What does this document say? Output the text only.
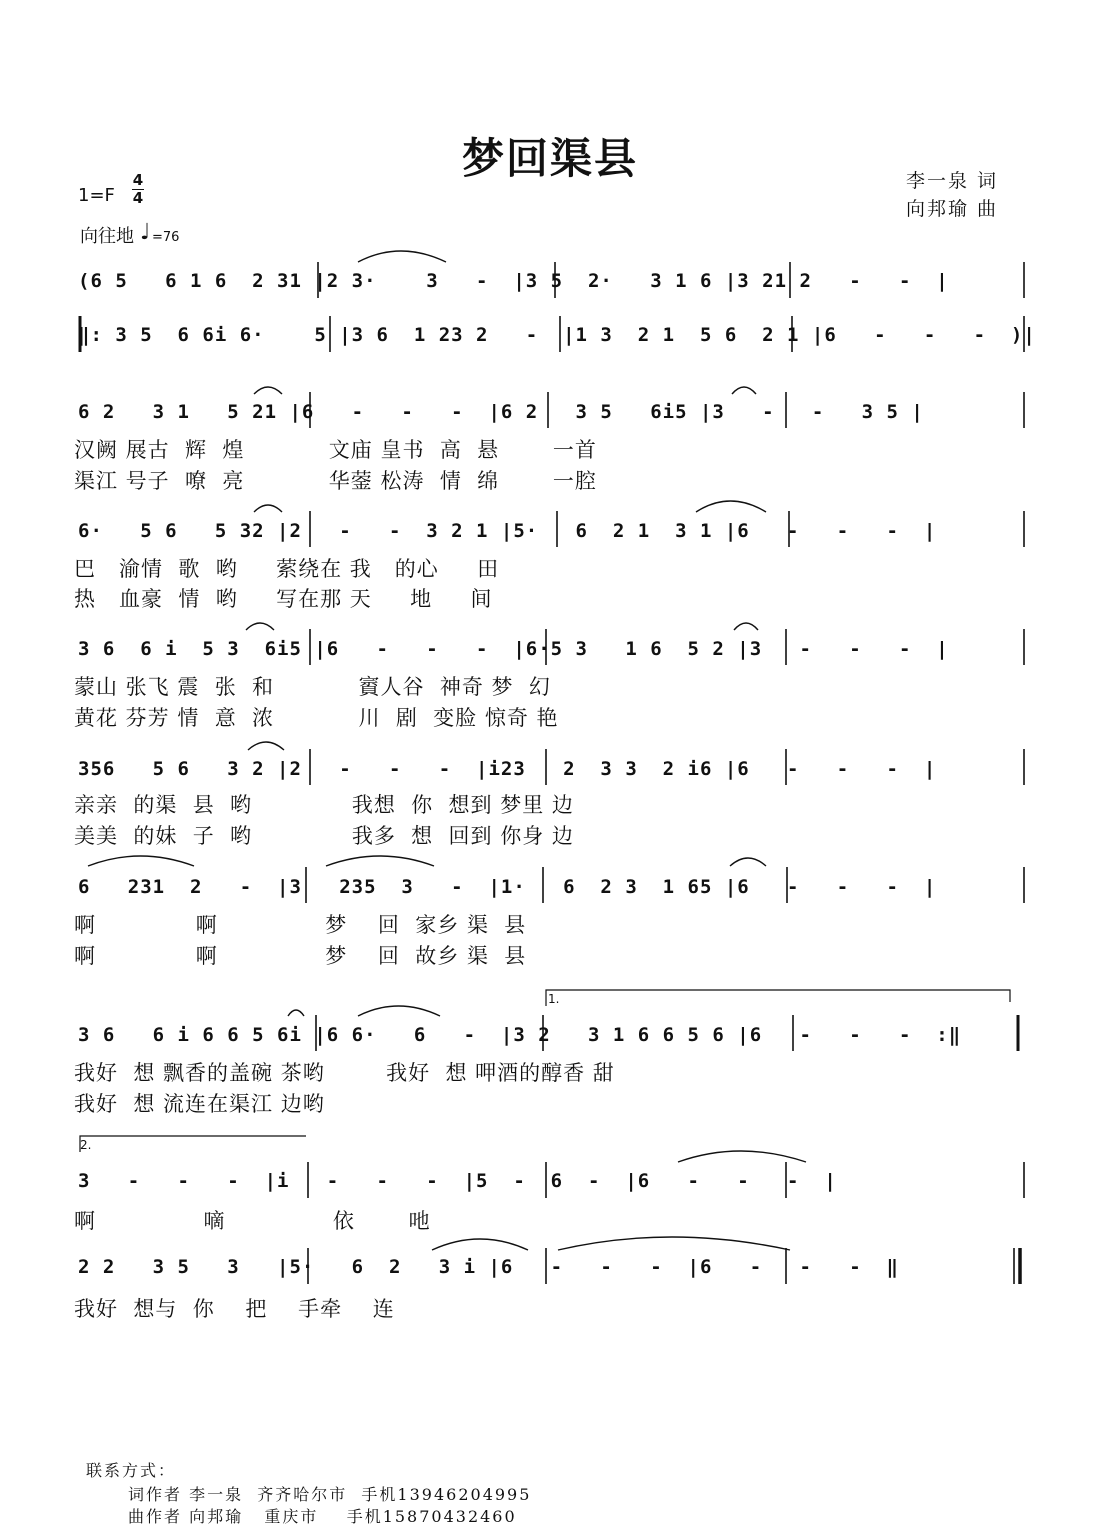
梦回渠县	李一泉 词
向邦瑜 曲
1=F
4
4
向往地 ♩ =76
(6 5   6 1 6  2 31 |2 3·    3   -  |3 5  2·   3 1 6 |3 21 2   -   -  |
‖: 3 5  6 6i 6·    5 |3 6  1 23 2   -  |1 3  2 1  5 6  2 1 |6   -   -   -  )|
6 2   3 1   5 21 |6   -   -   -  |6 2   3 5   6i5 |3   -   -   3 5 |
汉阙 展古  辉  煌           文庙 皇书  高  悬       一首
渠江 号子  嘹  亮           华蓥 松涛  情  绵       一腔
6·   5 6   5 32 |2   -   -  3 2 1 |5·   6  2 1  3 1 |6   -   -   -  |
巴   渝情  歌  哟     萦绕在 我   的心     田
热   血豪  情  哟     写在那 天     地     间
3 6  6 i  5 3  6i5 |6   -   -   -  |6·5 3   1 6  5 2 |3   -   -   -  |
蒙山 张飞 震  张  和           賨人谷  神奇 梦  幻
黄花 芬芳 情  意  浓           川  剧  变脸 惊奇 艳
356   5 6   3 2 |2   -   -   -  |i23   2  3 3  2 i6 |6   -   -   -  |
亲亲  的渠  县  哟             我想  你  想到 梦里 边
美美  的妹  子  哟             我多  想  回到 你身 边
6   231  2   -  |3   235  3   -  |1·   6  2 3  1 65 |6   -   -   -  |
啊             啊              梦    回  家乡 渠  县
啊             啊              梦    回  故乡 渠  县
1.
3 6   6 i 6 6 5 6i |6 6·   6   -  |3 2   3 1 6 6 5 6 |6   -   -   -  :‖
我好  想 飘香的盖碗 茶哟        我好  想 呷酒的醇香 甜
我好  想 流连在渠江 边哟
2.
3   -   -   -  |i   -   -   -  |5  -  6  -  |6   -   -   -  |
啊              嘀              依       吔
2 2   3 5   3   |5·   6  2   3 i |6   -   -   -  |6   -   -   -  ‖
我好  想与  你    把    手牵    连
联系方式：
词作者 李一泉  齐齐哈尔市  手机13946204995
曲作者 向邦瑜   重庆市    手机15870432460
